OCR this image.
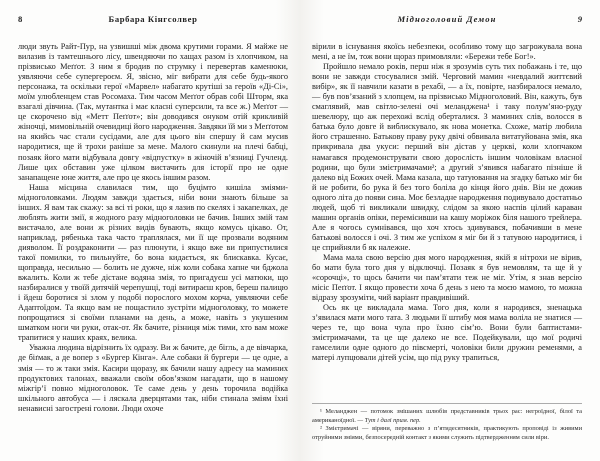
8	Барбара Кінгсолвер

люди звуть Райт-Пур, на узвишші між двома крутими горами. Я майже не вилазив із тамтешнього лісу, швендяючи по хащах разом із хлопчиком, на прізвисько Меґґот. З ним я бродив по струмку і перевертав каменюки, уявляючи себе супергероєм. Я, звісно, міг вибрати для себе будь-якого персонажа, та оскільки герої «Марвел» набагато крутіші за героїв «Ді-Сі», моїм улюбленцем став Росомаха. Тим часом Меґґот обрав собі Шторм, яка взагалі дівчина. (Так, мутантка і має класні суперсили, та все ж.) Меґґот — це скорочено від «Метт Пеґґот»; він доводився онуком отій крикливій жіночці, мимовільній очевидиці його народження. Завдяки їй ми з Меґґотом на якийсь час стали сусідами, але для цього він спершу й сам мусив народитися, ще й трохи раніше за мене. Малого скинули на плечі бабці, позаяк його мати відбувала довгу «відпустку» в жіночій в’язниці Гучленд. Лише цих обставин уже цілком вистачить для історії про не одне занапащене юне життя, але про це якось іншим разом.

Наша місцина славилася тим, що буцімто кишіла зміями-мідноголовками. Людям завжди здається, ніби вони знають більше за інших. Я вам так скажу: за всі ті роки, що я лазив по скелях і закапелках, де люблять жити змії, я жодного разу мідноголовки не бачив. Інших змій там вистачало, але вони ж різних видів бувають, якщо комусь цікаво. От, наприклад, рябенька така часто траплялася, ми її ще прозвали водяним дияволом. Її роздраконити — раз плюнути, і якщо вже ви припустилися такої помилки, то пильнуйте, бо вона кидається, як блискавка. Кусає, щоправда, несильно — болить не дужче, ніж коли собака хапне чи бджола вжалить. Коли ж тебе дістане водяна змія, то пригадуєш усі матюки, що назбиралися у твоїй дитячій черепушці, тоді витираєш кров, береш палицю і йдеш боротися зі злом у подобі порослого мохом корча, уявляючи себе Адаптоїдом. Та якщо вам не пощастило зустріти мідноголовку, то можете попрощатися зі своїми планами на день, а може, навіть з укушеним шматком ноги чи руки, отак-от. Як бачите, різниця між тими, хто вам може трапитися у наших краях, велика.

Уважна людина відрізнить їх одразу. Ви ж бачите, де бігль, а де вівчарка, де біґмак, а де вопер з «Бургер Кінга». Але собаки й бургери — це одне, а змія — то ж таки змія. Касири щоразу, як бачили нашу адресу на маминих продуктових талонах, вважали своїм обов’язком нагадати, що в нашому міжгір’ї повно мідноголовок. Те саме день у день торочила водійка шкільного автобуса — і ляскала дверцятами так, ніби стинала зміям їхні ненависні загострені голови. Люди охоче

9
Мідноголовий Демон

вірили в існування якоїсь небезпеки, особливо тому що загрожувала вона мені, а не їм, тож вони щораз примовляли: «Бережи тебе Бог!».

Пройшло немало років, перш ніж я зрозумів суть тих побажань і те, що вони не завжди стосувалися змій. Черговий мамин «невдалий життєвий вибір», як її навчили казати в рехабі, — а їх, повірте, назбиралося немало, — був пов’язаний з хлопцем, на прізвисько Мідноголовий. Він, кажуть, був смаглявий, мав світло-зелені очі меланджена¹ і таку полум’яно-руду шевелюру, що аж перехожі вслід оберталися. З маминих слів, волосся в батька було довге й виблискувало, як нова монетка. Схоже, матір любила його страшенно. Батькову праву руку двічі обвивала витатуйована змія, яка прикривала два укуси: перший він дістав у церкві, коли хлопчаком намагався продемонструвати свою дорослість іншим чоловікам власної родини, що були змієтримачами²; а другий з’явився набагато пізніше й далеко від Божих очей. Мама казала, що татуювання на згадку батько міг би й не робити, бо рука й без того боліла до кінця його днів. Він не дожив одного літа до появи сина. Моє безладне народження подивувало достатньо людей, щоб ті викликали швидку, слідом за якою наспів цілий караван машин органів опіки, перемісивши на кашу моріжок біля нашого трейлера. Але я чогось сумнівався, що хоч хтось здивувався, побачивши в мене батькові волосся і очі. З тим же успіхом я міг би й з татувою народитися, і це сприйняли б як належне.

Мама мала свою версію дня мого народження, якій я нітрохи не вірив, бо мати була того дня у відключці. Позаяк я був немовлям, та ще й у «сорочці», то щось бачити чи пам’ятати теж не міг. Утім, я знав версію місіс Пеґґот. І якщо провести хоча б день з нею та моєю мамою, то можна відразу зрозуміти, чий варіант правдивіший.

Ось як це викладала мама. Того дня, коли я народився, зненацька з’явилася мати мого тата. З людьми її штибу моя мама воліла не знатися — через те, що вона чула про їхню сім’ю. Вони були баптистами-змієтримачами, та це ще далеко не все. Подейкували, що мої родичі гамселили одне одного до півсмерті, чоловіки били дружин ременями, а матері лупцювали дітей усім, що під руку трапиться,

¹ Меланджен — потомок змішаних шлюбів представників трьох рас: негроїдної, білої та американоїдної. — Тут і далі прим. пер.

² Змієтримачі — віряни, переважно з п’ятидесятників, практикують проповіді із живими отруйними зміями, безпосередній контакт з якими служить підтвердженням сили віри.
